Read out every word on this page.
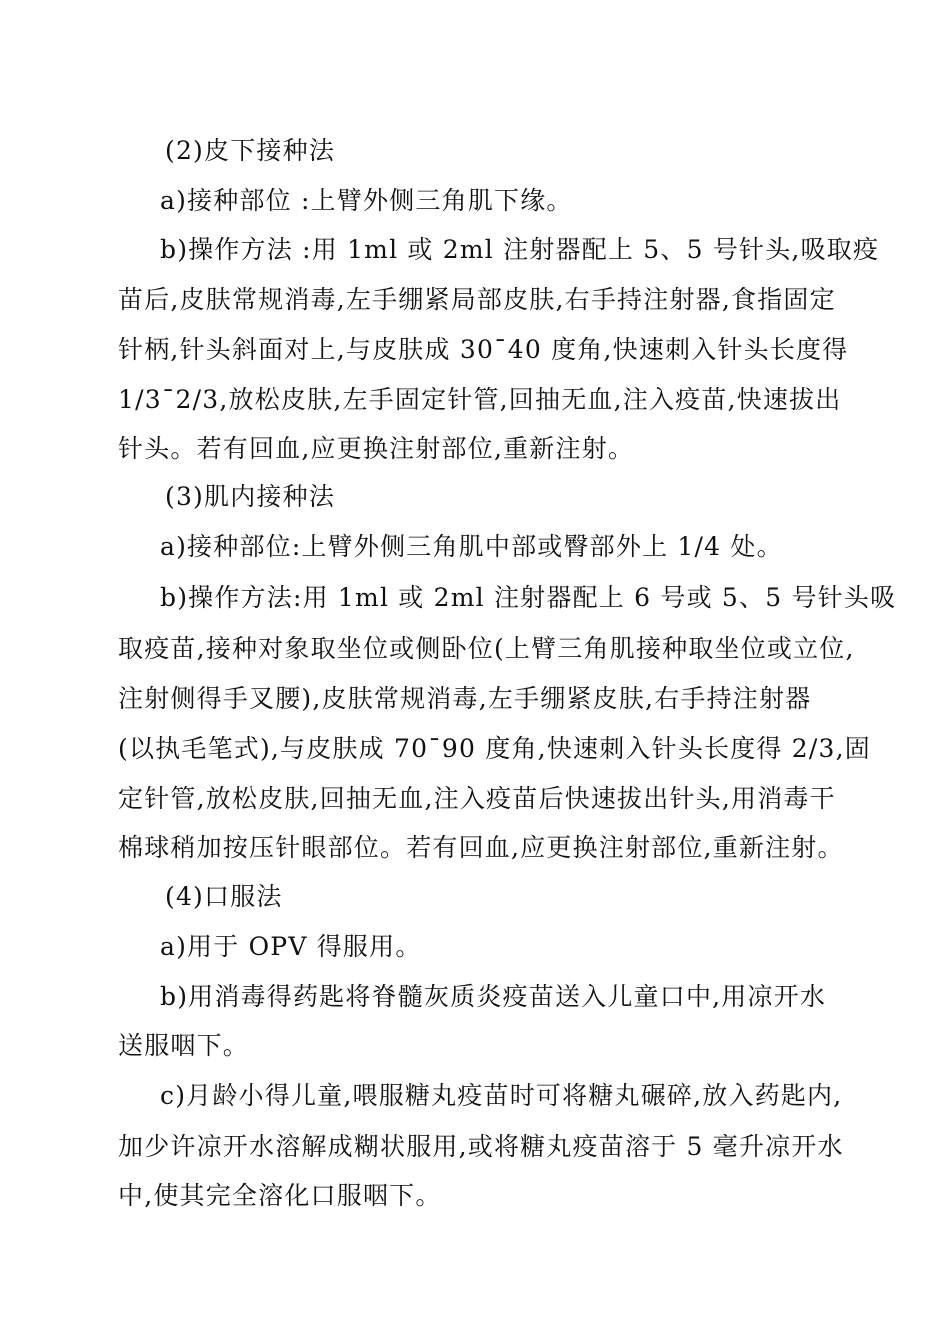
(2)皮下接种法
a)接种部位 :上臂外侧三角肌下缘。
b)操作方法 :用 1ml 或 2ml 注射器配上 5、5 号针头,吸取疫
苗后,皮肤常规消毒,左手绷紧局部皮肤,右手持注射器,食指固定
针柄,针头斜面对上,与皮肤成 30¯40 度角,快速刺入针头长度得
1/3¯2/3,放松皮肤,左手固定针管,回抽无血,注入疫苗,快速拔出
针头。若有回血,应更换注射部位,重新注射。
(3)肌内接种法
a)接种部位:上臂外侧三角肌中部或臀部外上 1/4 处。
b)操作方法:用 1ml 或 2ml 注射器配上 6 号或 5、5 号针头吸
取疫苗,接种对象取坐位或侧卧位(上臂三角肌接种取坐位或立位,
注射侧得手叉腰),皮肤常规消毒,左手绷紧皮肤,右手持注射器
(以执毛笔式),与皮肤成 70¯90 度角,快速刺入针头长度得 2/3,固
定针管,放松皮肤,回抽无血,注入疫苗后快速拔出针头,用消毒干
棉球稍加按压针眼部位。若有回血,应更换注射部位,重新注射。
(4)口服法
a)用于 OPV 得服用。
b)用消毒得药匙将脊髓灰质炎疫苗送入儿童口中,用凉开水
送服咽下。
c)月龄小得儿童,喂服糖丸疫苗时可将糖丸碾碎,放入药匙内,
加少许凉开水溶解成糊状服用,或将糖丸疫苗溶于 5 毫升凉开水
中,使其完全溶化口服咽下。
